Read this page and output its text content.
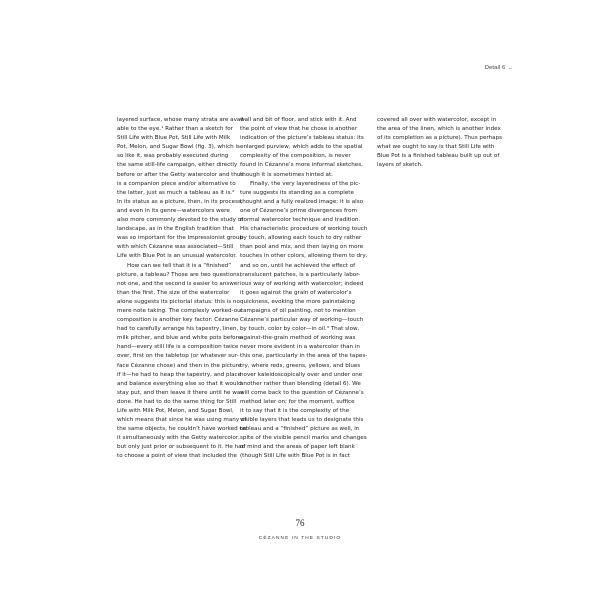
Detail 6 →
layered surface, whose many strata are avail-
able to the eye.¹ Rather than a sketch for
Still Life with Blue Pot, Still Life with Milk
Pot, Melon, and Sugar Bowl (fig. 3), which is
so like it, was probably executed during
the same still-life campaign, either directly
before or after the Getty watercolor and thus
is a companion piece and/or alternative to
the latter, just as much a tableau as it is.²
In its status as a picture, then, in its process,
and even in its genre—watercolors were
also more commonly devoted to the study of
landscape, as in the English tradition that
was so important for the Impressionist group
with which Cézanne was associated—Still
Life with Blue Pot is an unusual watercolor.
How can we tell that it is a “finished”
picture, a tableau? Those are two questions,
not one, and the second is easier to answer
than the first. The size of the watercolor
alone suggests its pictorial status: this is no
mere note taking. The complexly worked-out
composition is another key factor: Cézanne
had to carefully arrange his tapestry, linen,
milk pitcher, and blue and white pots before-
hand—every still life is a composition twice
over, first on the tabletop (or whatever sur-
face Cézanne chose) and then in the picture
if it—he had to heap the tapestry, and place
and balance everything else so that it would
stay put, and then leave it there until he was
done. He had to do the same thing for Still
Life with Milk Pot, Melon, and Sugar Bowl,
which means that since he was using many of
the same objects, he couldn’t have worked on
it simultaneously with the Getty watercolor,
but only just prior or subsequent to it. He had
to choose a point of view that included the
wall and bit of floor, and stick with it. And
the point of view that he chose is another
indication of the picture’s tableau status: its
enlarged purview, which adds to the spatial
complexity of the composition, is never
found in Cézanne’s more informal sketches,
though it is sometimes hinted at.
Finally, the very layeredness of the pic-
ture suggests its standing as a complete
thought and a fully realized image; it is also
one of Cézanne’s prime divergences from
normal watercolor technique and tradition.
His characteristic procedure of working touch
by touch, allowing each touch to dry rather
than pool and mix, and then laying on more
touches in other colors, allowing them to dry,
and so on, until he achieved the effect of
translucent patches, is a particularly labor-
ious way of working with watercolor; indeed
it goes against the grain of watercolor’s
quickness, evoking the more painstaking
campaigns of oil painting, not to mention
Cézanne’s particular way of working—touch
by touch, color by color—in oil.³ That slow,
against-the-grain method of working was
never more evident in a watercolor than in
this one, particularly in the area of the tapes-
try, where reds, greens, yellows, and blues
hover kaleidoscopically over and under one
another rather than blending (detail 6). We
will come back to the question of Cézanne’s
method later on; for the moment, suffice
it to say that it is the complexity of the
visible layers that leads us to designate this
tableau and a “finished” picture as well, in
spite of the visible pencil marks and changes
of mind and the areas of paper left blank
(though Still Life with Blue Pot is in fact
covered all over with watercolor, except in
the area of the linen, which is another index
of its completion as a picture). Thus perhaps
what we ought to say is that Still Life with
Blue Pot is a finished tableau built up out of
layers of sketch.
76
CÉZANNE IN THE STUDIO
